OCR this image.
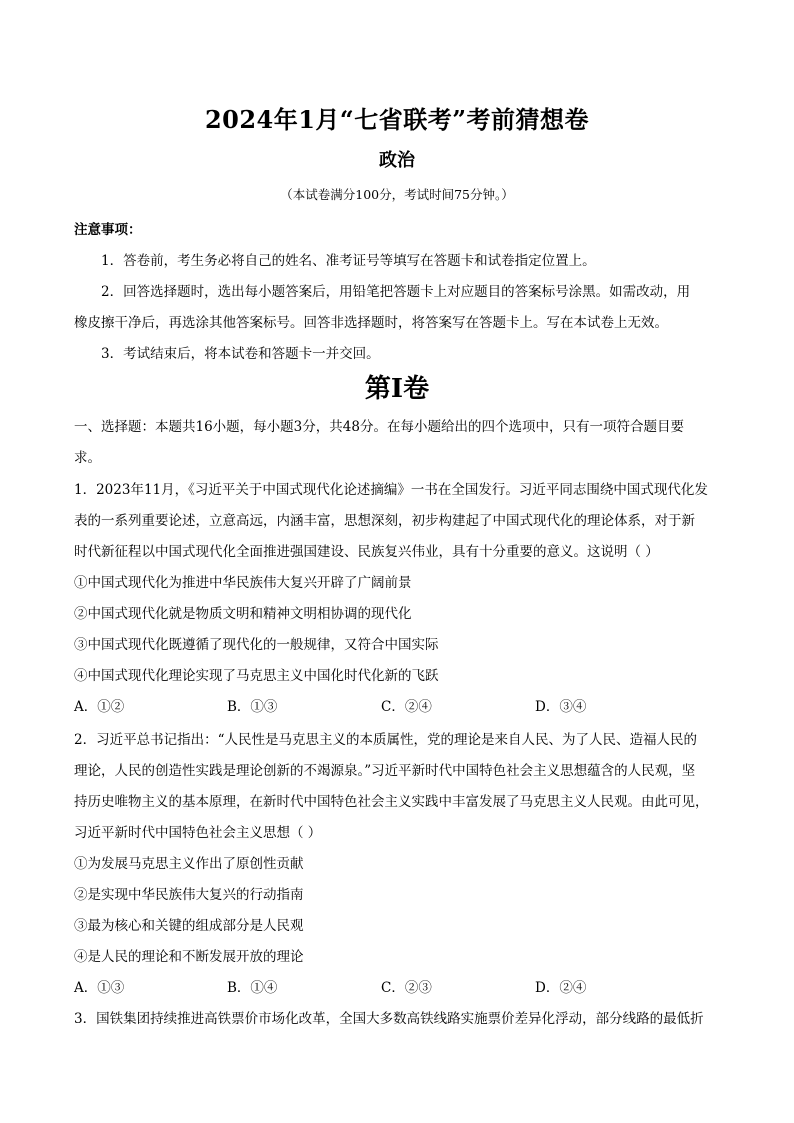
2024年1月“七省联考”考前猜想卷
政治
（本试卷满分100分，考试时间75分钟。）
注意事项：
1．答卷前，考生务必将自己的姓名、准考证号等填写在答题卡和试卷指定位置上。
2．回答选择题时，选出每小题答案后，用铅笔把答题卡上对应题目的答案标号涂黑。如需改动，用
橡皮擦干净后，再选涂其他答案标号。回答非选择题时，将答案写在答题卡上。写在本试卷上无效。
3．考试结束后，将本试卷和答题卡一并交回。
第Ⅰ卷
一、选择题：本题共16小题，每小题3分，共48分。在每小题给出的四个选项中，只有一项符合题目要
求。
1．2023年11月，《习近平关于中国式现代化论述摘编》一书在全国发行。习近平同志围绕中国式现代化发
表的一系列重要论述，立意高远，内涵丰富，思想深刻，初步构建起了中国式现代化的理论体系，对于新
时代新征程以中国式现代化全面推进强国建设、民族复兴伟业，具有十分重要的意义。这说明（ ）
①中国式现代化为推进中华民族伟大复兴开辟了广阔前景
②中国式现代化就是物质文明和精神文明相协调的现代化
③中国式现代化既遵循了现代化的一般规律，又符合中国实际
④中国式现代化理论实现了马克思主义中国化时代化新的飞跃
A．①②	B．①③	C．②④	D．③④
2．习近平总书记指出：“人民性是马克思主义的本质属性，党的理论是来自人民、为了人民、造福人民的
理论，人民的创造性实践是理论创新的不竭源泉。”习近平新时代中国特色社会主义思想蕴含的人民观，坚
持历史唯物主义的基本原理，在新时代中国特色社会主义实践中丰富发展了马克思主义人民观。由此可见，
习近平新时代中国特色社会主义思想（ ）
①为发展马克思主义作出了原创性贡献
②是实现中华民族伟大复兴的行动指南
③最为核心和关键的组成部分是人民观
④是人民的理论和不断发展开放的理论
A．①③	B．①④	C．②③	D．②④
3．国铁集团持续推进高铁票价市场化改革，全国大多数高铁线路实施票价差异化浮动，部分线路的最低折
